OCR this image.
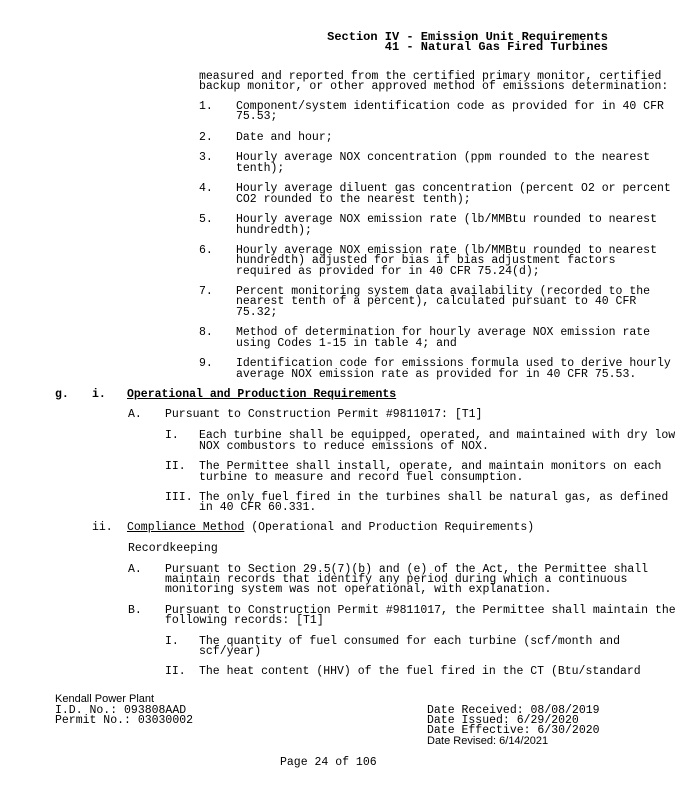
Section IV - Emission Unit Requirements
41 - Natural Gas Fired Turbines
measured and reported from the certified primary monitor, certified
backup monitor, or other approved method of emissions determination:
1. Component/system identification code as provided for in 40 CFR
75.53;
2. Date and hour;
3. Hourly average NOX concentration (ppm rounded to the nearest
tenth);
4. Hourly average diluent gas concentration (percent O2 or percent
CO2 rounded to the nearest tenth);
5. Hourly average NOX emission rate (lb/MMBtu rounded to nearest
hundredth);
6. Hourly average NOX emission rate (lb/MMBtu rounded to nearest
hundredth) adjusted for bias if bias adjustment factors
required as provided for in 40 CFR 75.24(d);
7. Percent monitoring system data availability (recorded to the
nearest tenth of a percent), calculated pursuant to 40 CFR
75.32;
8. Method of determination for hourly average NOX emission rate
using Codes 1-15 in table 4; and
9. Identification code for emissions formula used to derive hourly
average NOX emission rate as provided for in 40 CFR 75.53.
g. i. Operational and Production Requirements
A. Pursuant to Construction Permit #9811017: [T1]
I. Each turbine shall be equipped, operated, and maintained with dry low
NOX combustors to reduce emissions of NOX.
II. The Permittee shall install, operate, and maintain monitors on each
turbine to measure and record fuel consumption.
III. The only fuel fired in the turbines shall be natural gas, as defined
in 40 CFR 60.331.
ii. Compliance Method (Operational and Production Requirements)
Recordkeeping
A. Pursuant to Section 29.5(7)(b) and (e) of the Act, the Permittee shall
maintain records that identify any period during which a continuous
monitoring system was not operational, with explanation.
B. Pursuant to Construction Permit #9811017, the Permittee shall maintain the
following records: [T1]
I. The quantity of fuel consumed for each turbine (scf/month and
scf/year)
II. The heat content (HHV) of the fuel fired in the CT (Btu/standard
Kendall Power Plant
I.D. No.: 093808AAD
Permit No.: 03030002
Date Received: 08/08/2019
Date Issued: 6/29/2020
Date Effective: 6/30/2020
Date Revised: 6/14/2021
Page 24 of 106
